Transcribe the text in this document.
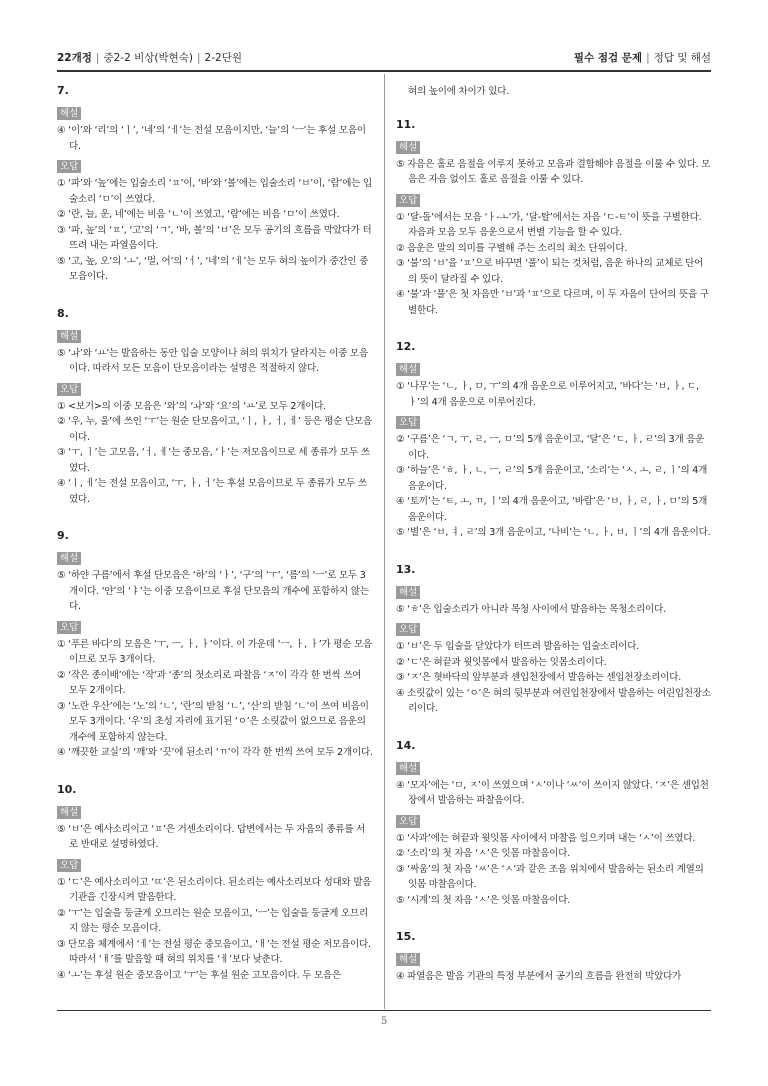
22개정 | 중2-2 비상(박현숙) | 2-2단원	필수 점검 문제 | 정답 및 해설
7.
해설
④ ‘이’와 ‘리’의 ‘ㅣ’, ‘네’의 ‘ㅔ’는 전설 모음이지만, ‘늘’의 ‘ㅡ’는 후설 모음이다.
오답
① ‘파’와 ‘높’에는 입술소리 ‘ㅍ’이, ‘바’와 ‘볼’에는 입술소리 ‘ㅂ’이, ‘람’에는 입술소리 ‘ㅁ’이 쓰였다.
② ‘란, 늘, 운, 네’에는 비음 ‘ㄴ’이 쓰였고, ‘람’에는 비음 ‘ㅁ’이 쓰였다.
③ ‘파, 높’의 ‘ㅍ’, ‘고’의 ‘ㄱ’, ‘바, 볼’의 ‘ㅂ’은 모두 공기의 흐름을 막았다가 터뜨려 내는 파열음이다.
⑤ ‘고, 높, 오’의 ‘ㅗ’, ‘멀, 어’의 ‘ㅓ’, ‘네’의 ‘ㅔ’는 모두 혀의 높이가 중간인 중모음이다.
8.
해설
⑤ ‘ㅘ’와 ‘ㅛ’는 발음하는 동안 입술 모양이나 혀의 위치가 달라지는 이중 모음이다. 따라서 모든 모음이 단모음이라는 설명은 적절하지 않다.
오답
① <보기>의 이중 모음은 ‘와’의 ‘ㅘ’와 ‘요’의 ‘ㅛ’로 모두 2개이다.
② ‘우, 누, 울’에 쓰인 ‘ㅜ’는 원순 단모음이고, ‘ㅣ, ㅏ, ㅓ, ㅔ’ 등은 평순 단모음이다.
③ ‘ㅜ, ㅣ’는 고모음, ‘ㅓ, ㅔ’는 중모음, ‘ㅏ’는 저모음이므로 세 종류가 모두 쓰였다.
④ ‘ㅣ, ㅔ’는 전설 모음이고, ‘ㅜ, ㅏ, ㅓ’는 후설 모음이므로 두 종류가 모두 쓰였다.
9.
해설
⑤ ‘하얀 구름’에서 후설 단모음은 ‘하’의 ‘ㅏ’, ‘구’의 ‘ㅜ’, ‘름’의 ‘ㅡ’로 모두 3개이다. ‘얀’의 ‘ㅑ’는 이중 모음이므로 후설 단모음의 개수에 포함하지 않는다.
오답
① ‘푸른 바다’의 모음은 ‘ㅜ, ㅡ, ㅏ, ㅏ’이다. 이 가운데 ‘ㅡ, ㅏ, ㅏ’가 평순 모음이므로 모두 3개이다.
② ‘작은 종이배’에는 ‘작’과 ‘종’의 첫소리로 파찰음 ‘ㅈ’이 각각 한 번씩 쓰여 모두 2개이다.
③ ‘노란 우산’에는 ‘노’의 ‘ㄴ’, ‘란’의 받침 ‘ㄴ’, ‘산’의 받침 ‘ㄴ’이 쓰여 비음이 모두 3개이다. ‘우’의 초성 자리에 표기된 ‘ㅇ’은 소릿값이 없으므로 음운의 개수에 포함하지 않는다.
④ ‘깨끗한 교실’의 ‘깨’와 ‘끗’에 된소리 ‘ㄲ’이 각각 한 번씩 쓰여 모두 2개이다.
10.
해설
⑤ ‘ㅂ’은 예사소리이고 ‘ㅍ’은 거센소리이다. 답변에서는 두 자음의 종류를 서로 반대로 설명하였다.
오답
① ‘ㄷ’은 예사소리이고 ‘ㄸ’은 된소리이다. 된소리는 예사소리보다 성대와 발음 기관을 긴장시켜 발음한다.
② ‘ㅜ’는 입술을 둥글게 오므리는 원순 모음이고, ‘ㅡ’는 입술을 둥글게 오므리지 않는 평순 모음이다.
③ 단모음 체계에서 ‘ㅔ’는 전설 평순 중모음이고, ‘ㅐ’는 전설 평순 저모음이다. 따라서 ‘ㅐ’를 발음할 때 혀의 위치를 ‘ㅔ’보다 낮춘다.
④ ‘ㅗ’는 후설 원순 중모음이고 ‘ㅜ’는 후설 원순 고모음이다. 두 모음은
혀의 높이에 차이가 있다.
11.
해설
⑤ 자음은 홀로 음절을 이루지 못하고 모음과 결합해야 음절을 이룰 수 있다. 모음은 자음 없이도 홀로 음절을 이룰 수 있다.
오답
① ‘달-돌’에서는 모음 ‘ㅏ-ㅗ’가, ‘달-탈’에서는 자음 ‘ㄷ-ㅌ’이 뜻을 구별한다. 자음과 모음 모두 음운으로서 변별 기능을 할 수 있다.
② 음운은 말의 의미를 구별해 주는 소리의 최소 단위이다.
③ ‘불’의 ‘ㅂ’을 ‘ㅍ’으로 바꾸면 ‘풀’이 되는 것처럼, 음운 하나의 교체로 단어의 뜻이 달라질 수 있다.
④ ‘불’과 ‘풀’은 첫 자음만 ‘ㅂ’과 ‘ㅍ’으로 다르며, 이 두 자음이 단어의 뜻을 구별한다.
12.
해설
① ‘나무’는 ‘ㄴ, ㅏ, ㅁ, ㅜ’의 4개 음운으로 이루어지고, ‘바다’는 ‘ㅂ, ㅏ, ㄷ, ㅏ’의 4개 음운으로 이루어진다.
오답
② ‘구름’은 ‘ㄱ, ㅜ, ㄹ, ㅡ, ㅁ’의 5개 음운이고, ‘달’은 ‘ㄷ, ㅏ, ㄹ’의 3개 음운이다.
③ ‘하늘’은 ‘ㅎ, ㅏ, ㄴ, ㅡ, ㄹ’의 5개 음운이고, ‘소리’는 ‘ㅅ, ㅗ, ㄹ, ㅣ’의 4개 음운이다.
④ ‘토끼’는 ‘ㅌ, ㅗ, ㄲ, ㅣ’의 4개 음운이고, ‘바람’은 ‘ㅂ, ㅏ, ㄹ, ㅏ, ㅁ’의 5개 음운이다.
⑤ ‘별’은 ‘ㅂ, ㅕ, ㄹ’의 3개 음운이고, ‘나비’는 ‘ㄴ, ㅏ, ㅂ, ㅣ’의 4개 음운이다.
13.
해설
⑤ ‘ㅎ’은 입술소리가 아니라 목청 사이에서 발음하는 목청소리이다.
오답
① ‘ㅂ’은 두 입술을 닫았다가 터뜨려 발음하는 입술소리이다.
② ‘ㄷ’은 혀끝과 윗잇몸에서 발음하는 잇몸소리이다.
③ ‘ㅈ’은 혓바닥의 앞부분과 센입천장에서 발음하는 센입천장소리이다.
④ 소릿값이 있는 ‘ㅇ’은 혀의 뒷부분과 여린입천장에서 발음하는 여린입천장소리이다.
14.
해설
④ ‘모자’에는 ‘ㅁ, ㅈ’이 쓰였으며 ‘ㅅ’이나 ‘ㅆ’이 쓰이지 않았다. ‘ㅈ’은 센입천장에서 발음하는 파찰음이다.
오답
① ‘사과’에는 혀끝과 윗잇몸 사이에서 마찰을 일으키며 내는 ‘ㅅ’이 쓰였다.
② ‘소리’의 첫 자음 ‘ㅅ’은 잇몸 마찰음이다.
③ ‘싸움’의 첫 자음 ‘ㅆ’은 ‘ㅅ’과 같은 조음 위치에서 발음하는 된소리 계열의 잇몸 마찰음이다.
⑤ ‘시계’의 첫 자음 ‘ㅅ’은 잇몸 마찰음이다.
15.
해설
④ 파열음은 발음 기관의 특정 부분에서 공기의 흐름을 완전히 막았다가
5
